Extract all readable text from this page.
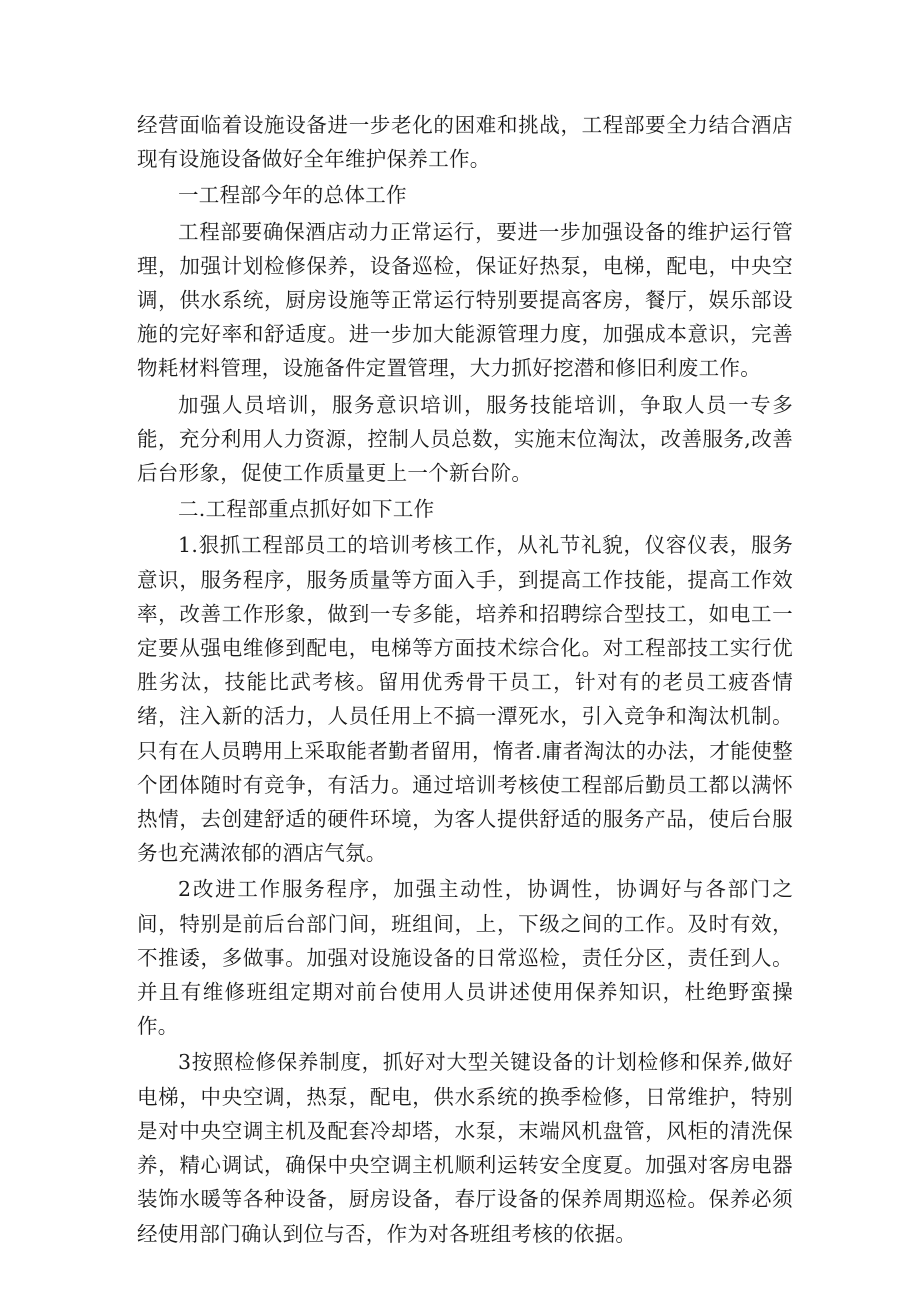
经营面临着设施设备进一步老化的困难和挑战，工程部要全力结合酒店现有设施设备做好全年维护保养工作。

一工程部今年的总体工作

工程部要确保酒店动力正常运行，要进一步加强设备的维护运行管理，加强计划检修保养，设备巡检，保证好热泵，电梯，配电，中央空调，供水系统，厨房设施等正常运行特别要提高客房，餐厅，娱乐部设施的完好率和舒适度。进一步加大能源管理力度，加强成本意识，完善物耗材料管理，设施备件定置管理，大力抓好挖潜和修旧利废工作。

加强人员培训，服务意识培训，服务技能培训，争取人员一专多能，充分利用人力资源，控制人员总数，实施末位淘汰，改善服务,改善后台形象，促使工作质量更上一个新台阶。

二.工程部重点抓好如下工作

1.狠抓工程部员工的培训考核工作，从礼节礼貌，仪容仪表，服务意识，服务程序，服务质量等方面入手，到提高工作技能，提高工作效率，改善工作形象，做到一专多能，培养和招聘综合型技工，如电工一定要从强电维修到配电，电梯等方面技术综合化。对工程部技工实行优胜劣汰，技能比武考核。留用优秀骨干员工，针对有的老员工疲沓情绪，注入新的活力，人员任用上不搞一潭死水，引入竞争和淘汰机制。只有在人员聘用上采取能者勤者留用，惰者.庸者淘汰的办法，才能使整个团体随时有竞争，有活力。通过培训考核使工程部后勤员工都以满怀热情，去创建舒适的硬件环境，为客人提供舒适的服务产品，使后台服务也充满浓郁的酒店气氛。

2改进工作服务程序，加强主动性，协调性，协调好与各部门之间，特别是前后台部门间，班组间，上，下级之间的工作。及时有效，不推诿，多做事。加强对设施设备的日常巡检，责任分区，责任到人。并且有维修班组定期对前台使用人员讲述使用保养知识，杜绝野蛮操作。

3按照检修保养制度，抓好对大型关键设备的计划检修和保养,做好电梯，中央空调，热泵，配电，供水系统的换季检修，日常维护，特别是对中央空调主机及配套冷却塔，水泵，末端风机盘管，风柜的清洗保养，精心调试，确保中央空调主机顺利运转安全度夏。加强对客房电器装饰水暖等各种设备，厨房设备，春厅设备的保养周期巡检。保养必须经使用部门确认到位与否，作为对各班组考核的依据。
